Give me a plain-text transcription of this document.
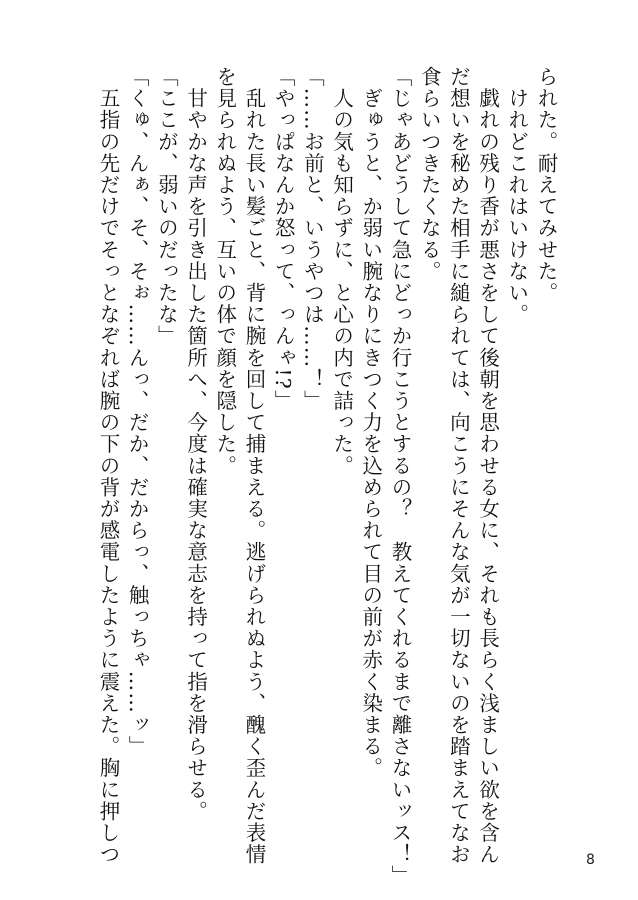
られた。耐えてみせた。
　けれどこれはいけない。
　戯れの残り香が悪さをして後朝を思わせる女に、それも長らく浅ましい欲を含ん
だ想いを秘めた相手に縋られては、向こうにそんな気が一切ないのを踏まえてなお
食らいつきたくなる。
「じゃあどうして急にどっか行こうとするの？　教えてくれるまで離さないッス！」
　ぎゅうと、か弱い腕なりにきつく力を込められて目の前が赤く染まる。
　人の気も知らずに、と心の内で詰った。
「……お前と、いうやつは……！」
「やっぱなんか怒って、っんゃ!?」
　乱れた長い髪ごと、背に腕を回して捕まえる。逃げられぬよう、醜く歪んだ表情
を見られぬよう、互いの体で顔を隠した。
　甘やかな声を引き出した箇所へ、今度は確実な意志を持って指を滑らせる。
「ここが、弱いのだったな」
「くゅ、んぁ、そ、そぉ……んっ、だか、だからっ、触っちゃ……ッ」
　五指の先だけでそっとなぞれば腕の下の背が感電したように震えた。胸に押しつ	8
